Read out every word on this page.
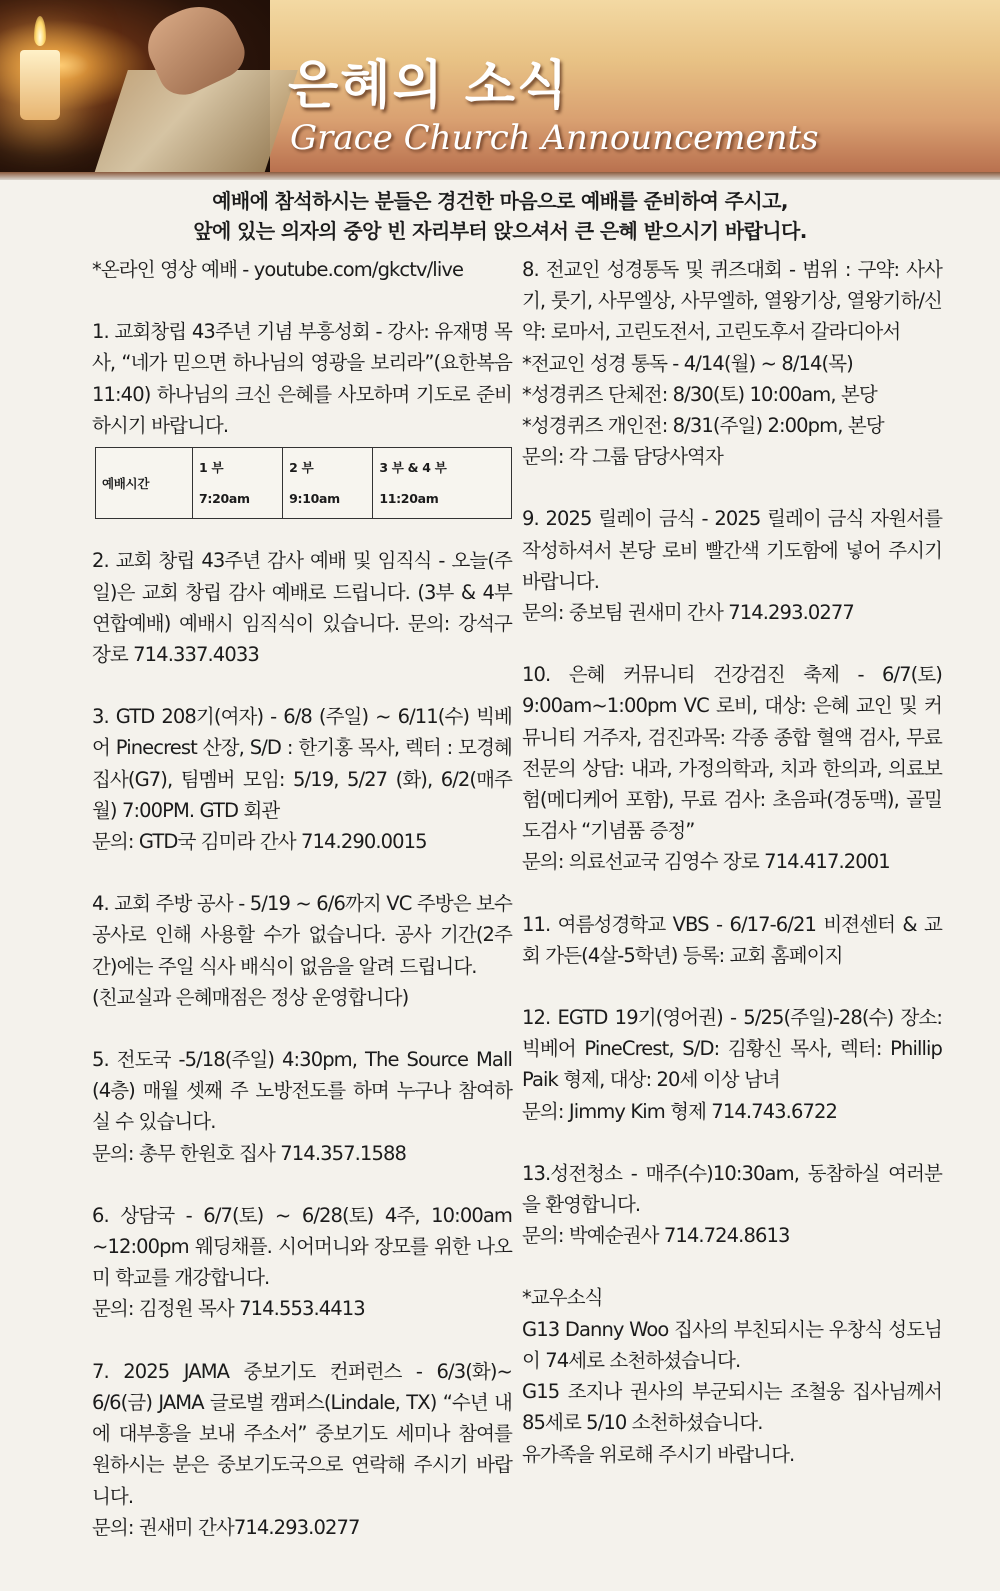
은혜의 소식
Grace Church Announcements
예배에 참석하시는 분들은 경건한 마음으로 예배를 준비하여 주시고,
앞에 있는 의자의 중앙 빈 자리부터 앉으셔서 큰 은혜 받으시기 바랍니다.

*온라인 영상 예배 - youtube.com/gkctv/live

1. 교회창립 43주년 기념 부흥성회 - 강사: 유재명 목사, “네가 믿으면 하나님의 영광을 보리라”(요한복음11:40) 하나님의 크신 은혜를 사모하며 기도로 준비하시기 바랍니다.

예배시간	1 부 7:20am	2 부 9:10am	3 부 & 4 부 11:20am

2. 교회 창립 43주년 감사 예배 및 임직식 - 오늘(주일)은 교회 창립 감사 예배로 드립니다. (3부 & 4부 연합예배) 예배시 임직식이 있습니다. 문의: 강석구 장로 714.337.4033

3. GTD 208기(여자) - 6/8 (주일) ~ 6/11(수) 빅베어 Pinecrest 산장, S/D : 한기홍 목사, 렉터 : 모경혜 집사(G7), 팀멤버 모임: 5/19, 5/27 (화), 6/2(매주 월) 7:00PM. GTD 회관

문의: GTD국 김미라 간사 714.290.0015

4. 교회 주방 공사 - 5/19 ~ 6/6까지 VC 주방은 보수공사로 인해 사용할 수가 없습니다. 공사 기간(2주간)에는 주일 식사 배식이 없음을 알려 드립니다.

(친교실과 은혜매점은 정상 운영합니다)

5. 전도국 -5/18(주일) 4:30pm, The Source Mall (4층) 매월 셋째 주 노방전도를 하며 누구나 참여하실 수 있습니다.

문의: 총무 한원호 집사 714.357.1588

6. 상담국 - 6/7(토) ~ 6/28(토) 4주, 10:00am ~12:00pm 웨딩채플. 시어머니와 장모를 위한 나오미 학교를 개강합니다.

문의: 김정원 목사 714.553.4413

7. 2025 JAMA 중보기도 컨퍼런스 - 6/3(화)~ 6/6(금) JAMA 글로벌 캠퍼스(Lindale, TX) “수년 내에 대부흥을 보내 주소서” 중보기도 세미나 참여를 원하시는 분은 중보기도국으로 연락해 주시기 바랍니다.

문의: 권새미 간사714.293.0277

8. 전교인 성경통독 및 퀴즈대회 - 범위 : 구약: 사사기, 룻기, 사무엘상, 사무엘하, 열왕기상, 열왕기하/신약: 로마서, 고린도전서, 고린도후서 갈라디아서

*전교인 성경 통독 - 4/14(월) ~ 8/14(목)

*성경퀴즈 단체전: 8/30(토) 10:00am, 본당

*성경퀴즈 개인전: 8/31(주일) 2:00pm, 본당

문의: 각 그룹 담당사역자

9. 2025 릴레이 금식 - 2025 릴레이 금식 자원서를 작성하셔서 본당 로비 빨간색 기도함에 넣어 주시기 바랍니다.

문의: 중보팀 권새미 간사 714.293.0277

10. 은혜 커뮤니티 건강검진 축제 - 6/7(토) 9:00am~1:00pm VC 로비, 대상: 은혜 교인 및 커뮤니티 거주자, 검진과목: 각종 종합 혈액 검사, 무료 전문의 상담: 내과, 가정의학과, 치과 한의과, 의료보험(메디케어 포함), 무료 검사: 초음파(경동맥), 골밀도검사 “기념품 증정”

문의: 의료선교국 김영수 장로 714.417.2001

11. 여름성경학교 VBS - 6/17-6/21 비젼센터 & 교회 가든(4살-5학년) 등록: 교회 홈페이지

12. EGTD 19기(영어권) - 5/25(주일)-28(수) 장소: 빅베어 PineCrest, S/D: 김황신 목사, 렉터: Phillip Paik 형제, 대상: 20세 이상 남녀

문의: Jimmy Kim 형제 714.743.6722

13.성전청소 - 매주(수)10:30am, 동참하실 여러분을 환영합니다.

문의: 박예순권사 714.724.8613

*교우소식

G13 Danny Woo 집사의 부친되시는 우창식 성도님이 74세로 소천하셨습니다.

G15 조지나 권사의 부군되시는 조철웅 집사님께서 85세로 5/10 소천하셨습니다.

유가족을 위로해 주시기 바랍니다.
